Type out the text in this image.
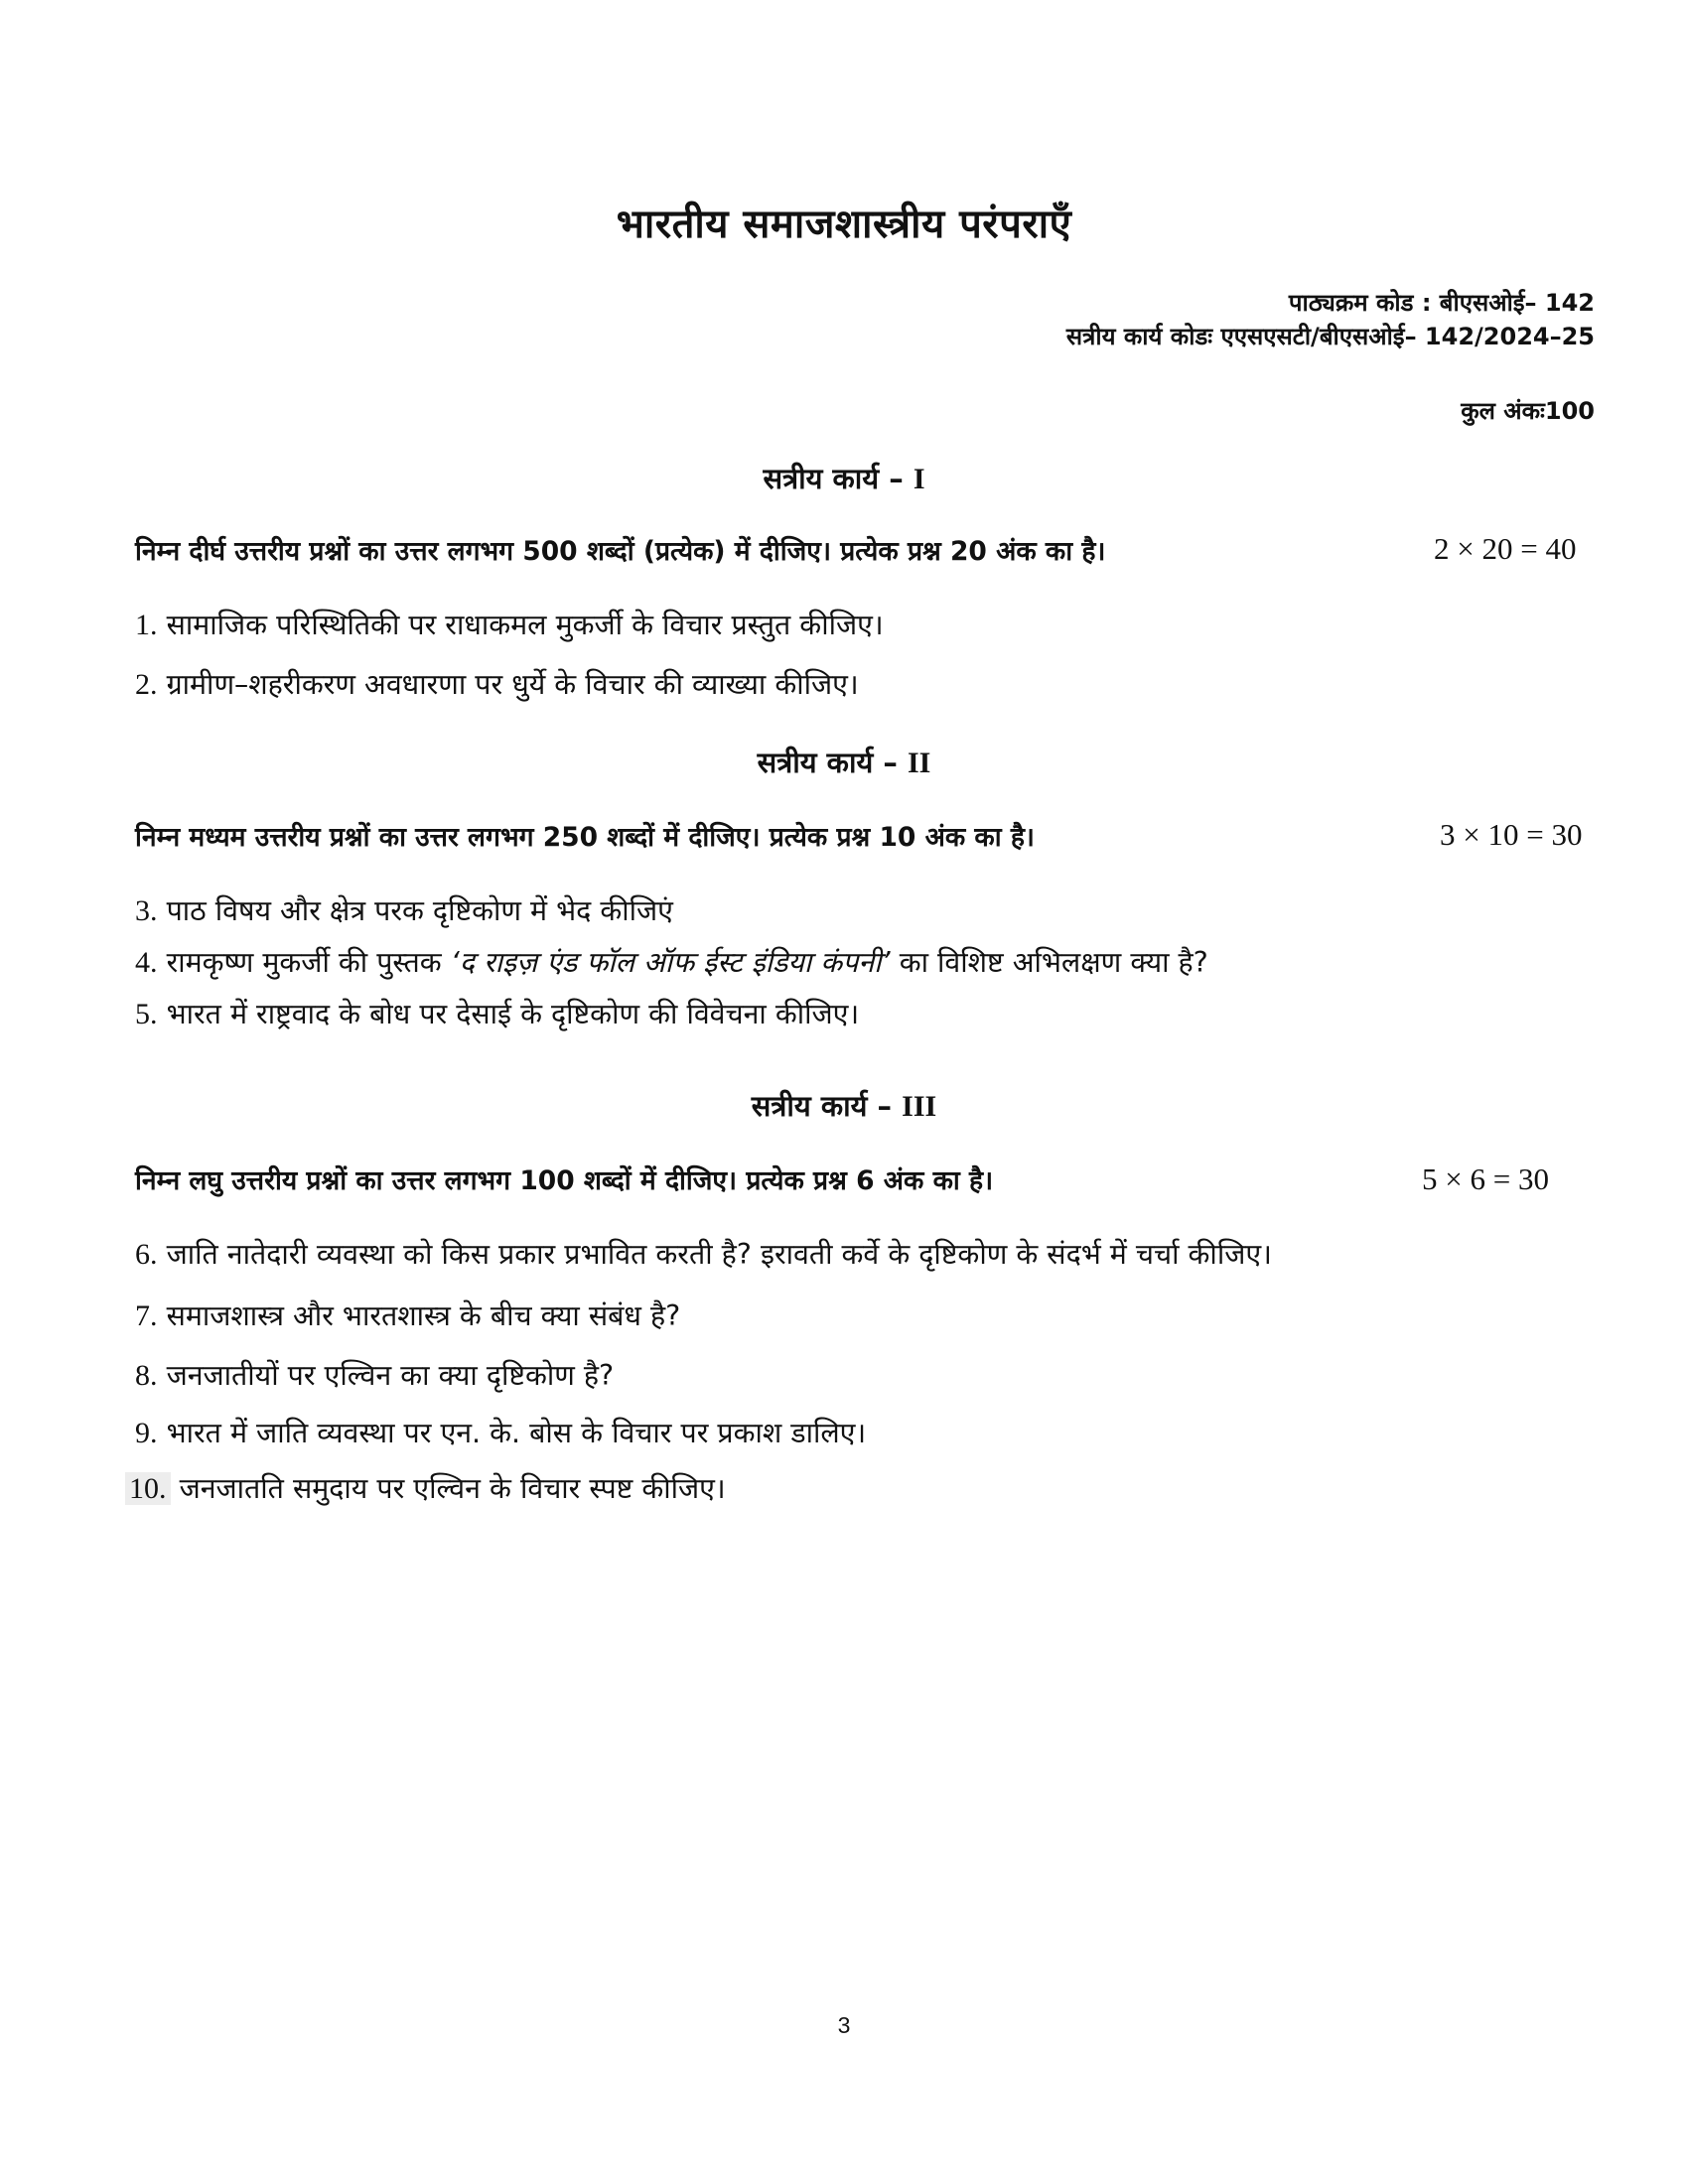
भारतीय समाजशास्त्रीय परंपराएँ
पाठ्यक्रम कोड : बीएसओई– 142
सत्रीय कार्य कोडः एएसएसटी/बीएसओई– 142/2024–25
कुल अंकः100
सत्रीय कार्य – I
निम्न दीर्घ उत्तरीय प्रश्नों का उत्तर लगभग 500 शब्दों (प्रत्येक) में दीजिए। प्रत्येक प्रश्न 20 अंक का है।	2 × 20 = 40
1. सामाजिक परिस्थितिकी पर राधाकमल मुकर्जी के विचार प्रस्तुत कीजिए।
2. ग्रामीण–शहरीकरण अवधारणा पर धुर्ये के विचार की व्याख्या कीजिए।
सत्रीय कार्य – II
निम्न मध्यम उत्तरीय प्रश्नों का उत्तर लगभग 250 शब्दों में दीजिए। प्रत्येक प्रश्न 10 अंक का है।	3 × 10 = 30
3. पाठ विषय और क्षेत्र परक दृष्टिकोण में भेद कीजिएं
4. रामकृष्ण मुकर्जी की पुस्तक ‘द राइज़ एंड फॉल ऑफ ईस्ट इंडिया कंपनी’ का विशिष्ट अभिलक्षण क्या है?
5. भारत में राष्ट्रवाद के बोध पर देसाई के दृष्टिकोण की विवेचना कीजिए।
सत्रीय कार्य – III
निम्न लघु उत्तरीय प्रश्नों का उत्तर लगभग 100 शब्दों में दीजिए। प्रत्येक प्रश्न 6 अंक का है।	5 × 6 = 30
6. जाति नातेदारी व्यवस्था को किस प्रकार प्रभावित करती है? इरावती कर्वे के दृष्टिकोण के संदर्भ में चर्चा कीजिए।
7. समाजशास्त्र और भारतशास्त्र के बीच क्या संबंध है?
8. जनजातीयों पर एल्विन का क्या दृष्टिकोण है?
9. भारत में जाति व्यवस्था पर एन. के. बोस के विचार पर प्रकाश डालिए।
10. जनजातति समुदाय पर एल्विन के विचार स्पष्ट कीजिए।
3
